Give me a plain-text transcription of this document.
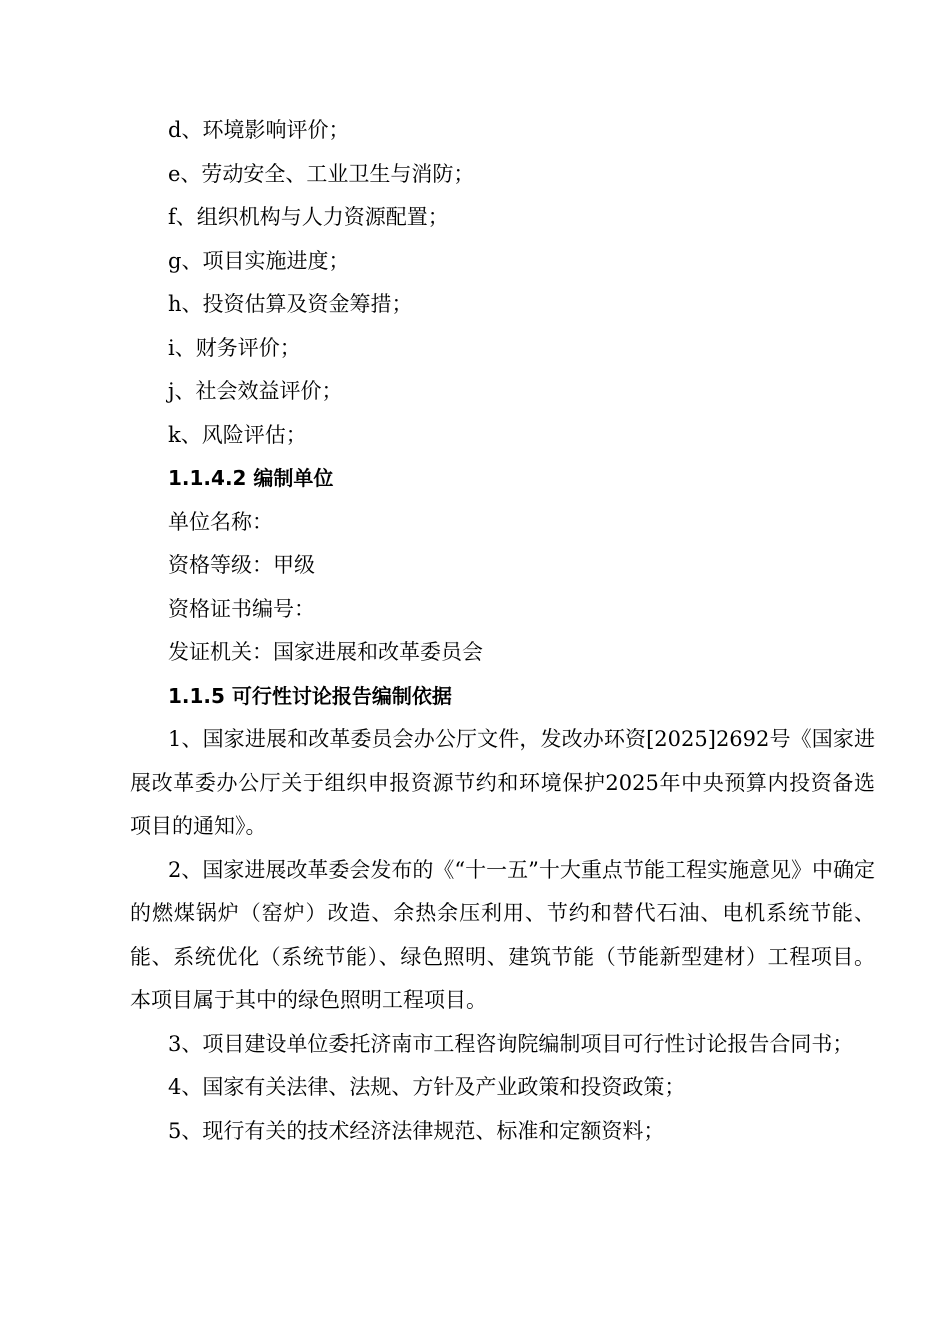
d、环境影响评价；

e、劳动安全、工业卫生与消防；

f、组织机构与人力资源配置；

g、项目实施进度；

h、投资估算及资金筹措；

i、财务评价；

j、社会效益评价；

k、风险评估；

1.1.4.2 编制单位

单位名称：

资格等级：甲级

资格证书编号：

发证机关：国家进展和改革委员会

1.1.5 可行性讨论报告编制依据

1、国家进展和改革委员会办公厅文件，发改办环资[2025]2692号《国家进展改革委办公厅关于组织申报资源节约和环境保护2025年中央预算内投资备选项目的通知》。

2、国家进展改革委会发布的《“十一五”十大重点节能工程实施意见》中确定的燃煤锅炉（窑炉）改造、余热余压利用、节约和替代石油、电机系统节能、能、系统优化（系统节能）、绿色照明、建筑节能（节能新型建材）工程项目。本项目属于其中的绿色照明工程项目。

3、项目建设单位委托济南市工程咨询院编制项目可行性讨论报告合同书；

4、国家有关法律、法规、方针及产业政策和投资政策；

5、现行有关的技术经济法律规范、标准和定额资料；
